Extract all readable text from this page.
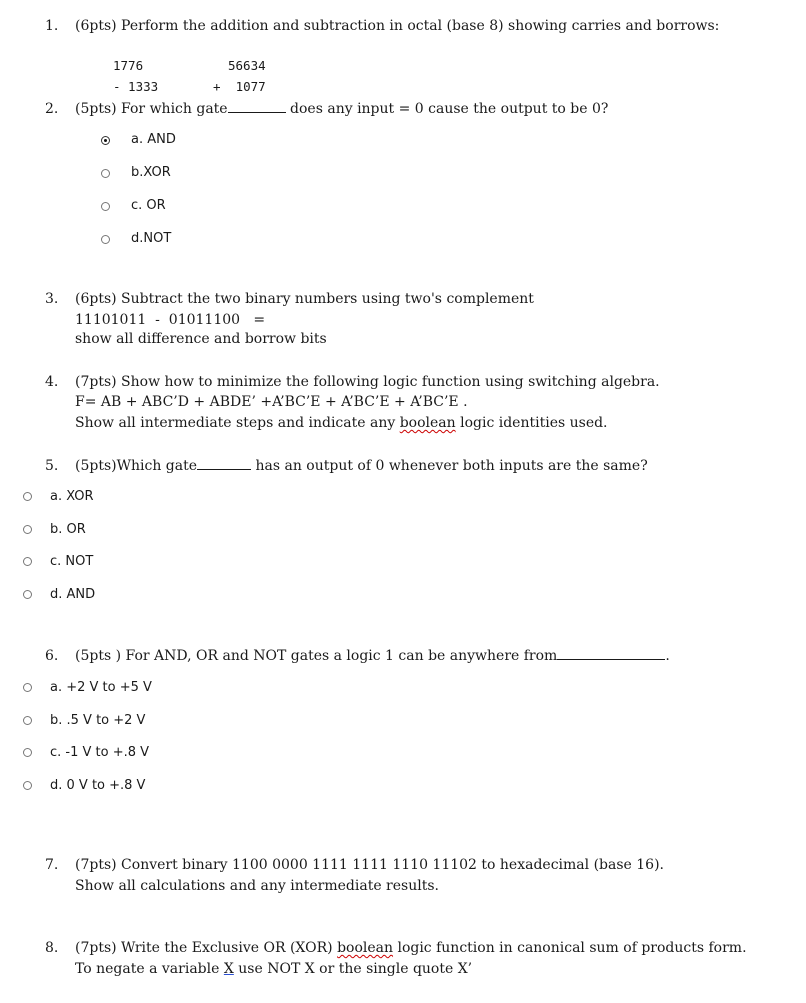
1.	(6pts) Perform the addition and subtraction in octal (base 8) showing carries and borrows:
1776
- 1333
56634
+  1077
2.	(5pts) For which gate	does any input = 0 cause the output to be 0?
a. AND
b.XOR
c. OR
d.NOT
3.	(6pts) Subtract the two binary numbers using two's complement
11101011  -  01011100   =
show all difference and borrow bits
4.	(7pts) Show how to minimize the following logic function using switching algebra.
F= AB + ABC’D + ABDE’ +A’BC’E + A’BC’E + A’BC’E .
Show all intermediate steps and indicate any boolean logic identities used.
5.	(5pts)Which gate	has an output of 0 whenever both inputs are the same?
a. XOR
b. OR
c. NOT
d. AND
6.	(5pts ) For AND, OR and NOT gates a logic 1 can be anywhere from	.
a. +2 V to +5 V
b. .5 V to +2 V
c. -1 V to +.8 V
d. 0 V to +.8 V
7.	(7pts) Convert binary 1100 0000 1111 1111 1110 11102 to hexadecimal (base 16).
Show all calculations and any intermediate results.
8.	(7pts) Write the Exclusive OR (XOR) boolean logic function in canonical sum of products form.
To negate a variable X use NOT X or the single quote X’
